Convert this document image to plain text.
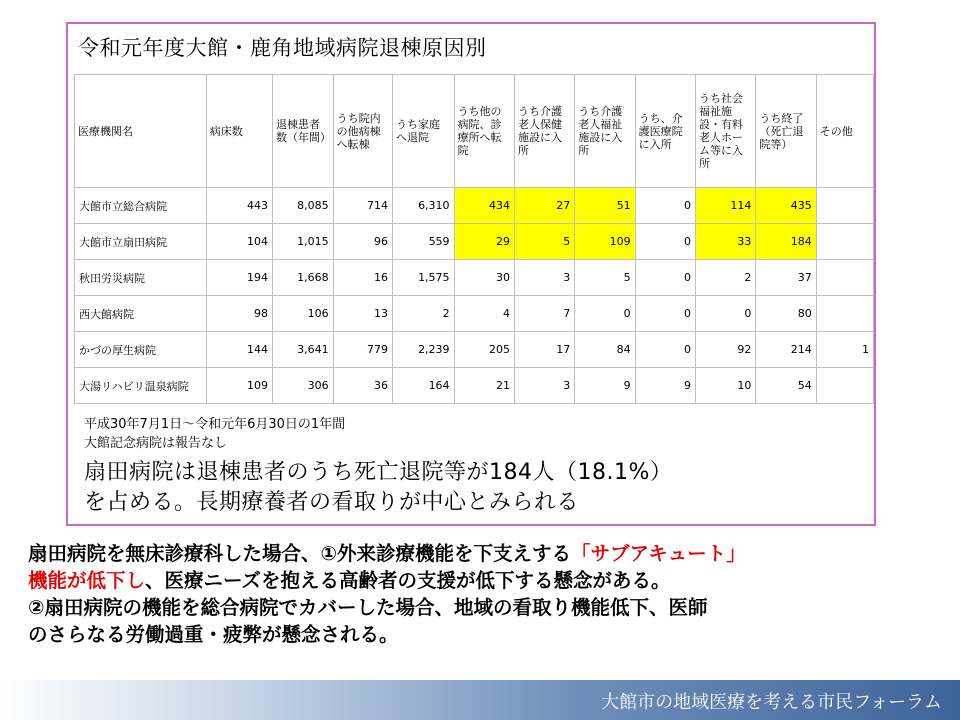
令和元年度大館・鹿角地域病院退棟原因別
医療機関名	病床数	退棟患者数（年間）	うち院内の他病棟へ転棟	うち家庭へ退院	うち他の病院、診療所へ転院	うち介護老人保健施設に入所	うち介護老人福祉施設に入所	うち、介護医療院に入所	うち社会福祉施設・有料老人ホーム等に入所	うち終了（死亡退院等）	その他
大館市立総合病院	443	8,085	714	6,310	434	27	51	0	114	435	
大館市立扇田病院	104	1,015	96	559	29	5	109	0	33	184	
秋田労災病院	194	1,668	16	1,575	30	3	5	0	2	37	
西大館病院	98	106	13	2	4	7	0	0	0	80	
かづの厚生病院	144	3,641	779	2,239	205	17	84	0	92	214	1
大湯リハビリ温泉病院	109	306	36	164	21	3	9	9	10	54	
平成30年7月1日～令和元年6月30日の1年間
大館記念病院は報告なし
扇田病院は退棟患者のうち死亡退院等が184人（18.1%）
を占める。長期療養者の看取りが中心とみられる
扇田病院を無床診療科した場合、①外来診療機能を下支えする「サブアキュート」
機能が低下し、医療ニーズを抱える高齢者の支援が低下する懸念がある。
②扇田病院の機能を総合病院でカバーした場合、地域の看取り機能低下、医師
のさらなる労働過重・疲弊が懸念される。
大館市の地域医療を考える市民フォーラム
